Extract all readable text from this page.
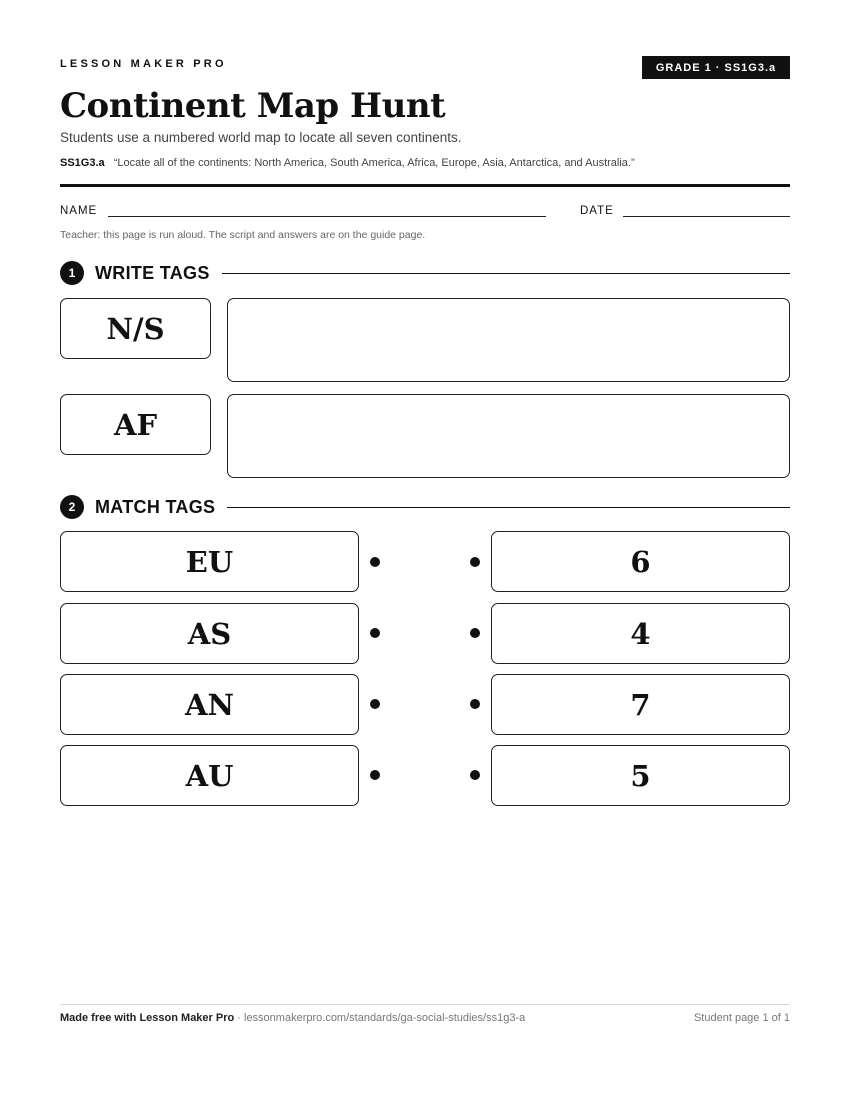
LESSON MAKER PRO	GRADE 1 · SS1G3.a
Continent Map Hunt
Students use a numbered world map to locate all seven continents.
SS1G3.a “Locate all of the continents: North America, South America, Africa, Europe, Asia, Antarctica, and Australia.”
NAME	DATE
Teacher: this page is run aloud. The script and answers are on the guide page.
1	WRITE TAGS
N/S
AF
2	MATCH TAGS
EU	6
AS	4
AN	7
AU	5
Made free with Lesson Maker Pro · lessonmakerpro.com/standards/ga-social-studies/ss1g3-a	Student page 1 of 1
